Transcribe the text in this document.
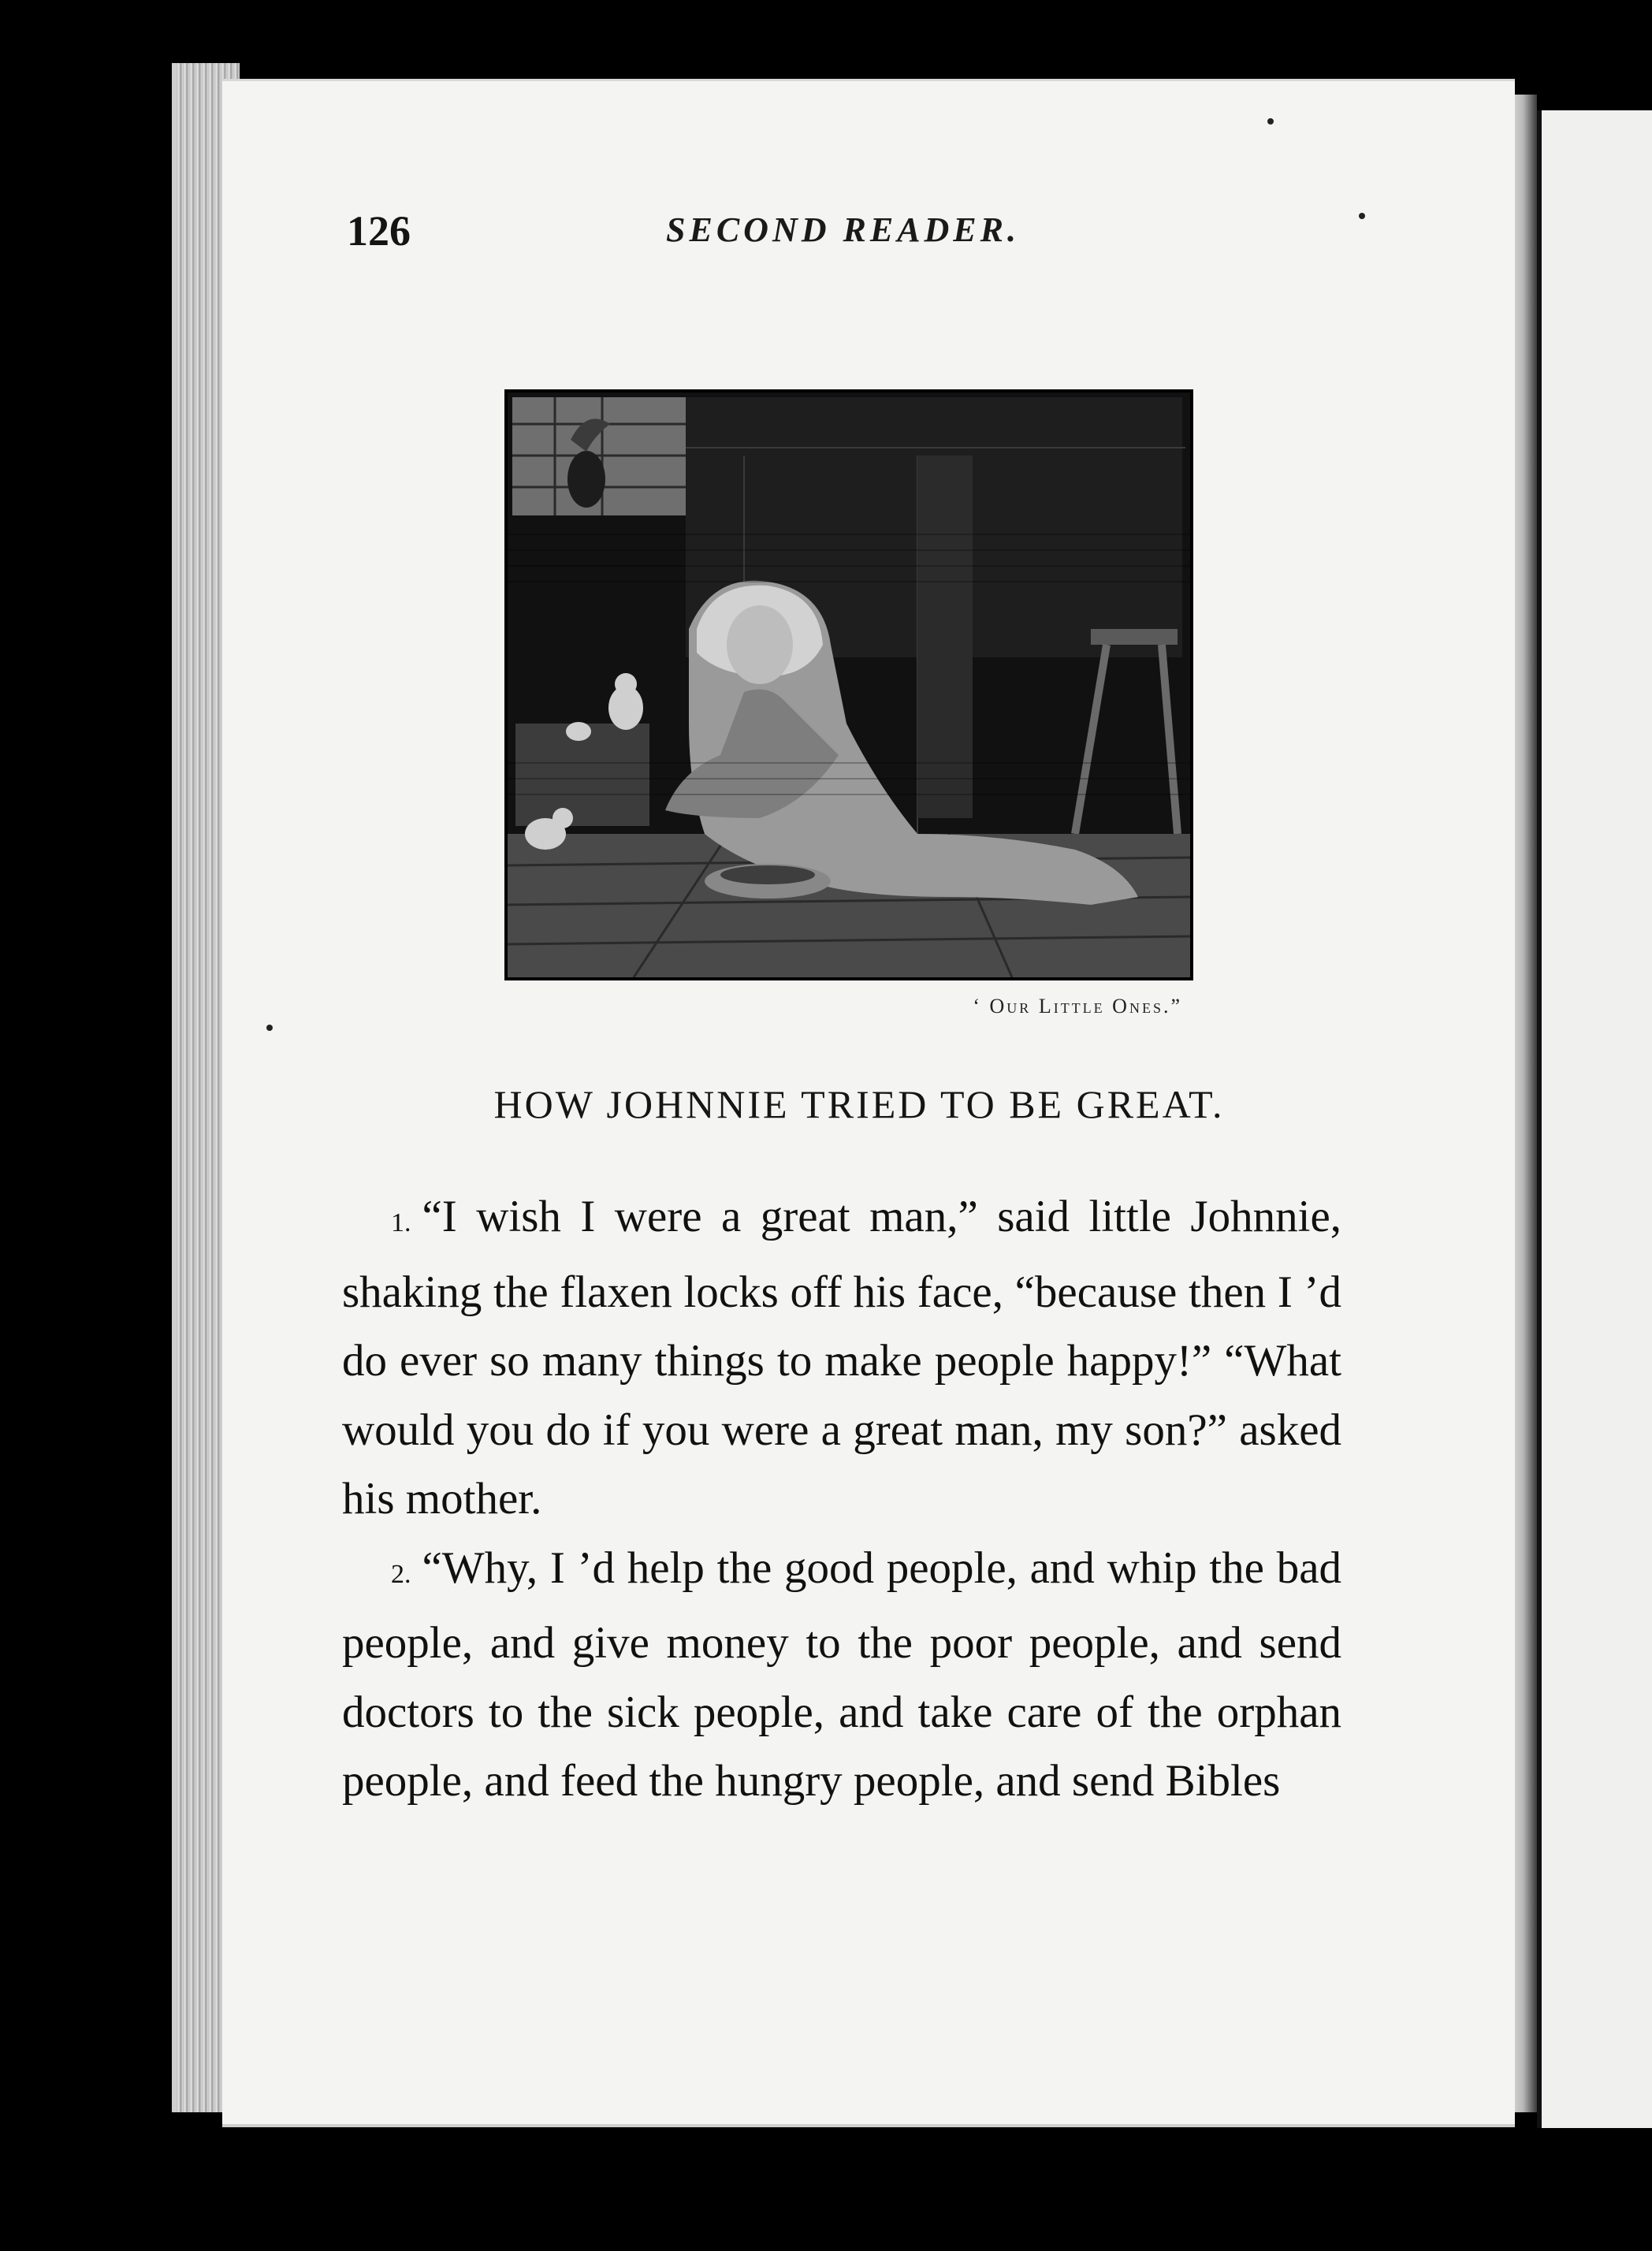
126	SECOND READER.
‘ Our Little Ones.”
HOW JOHNNIE TRIED TO BE GREAT.

1. “I wish I were a great man,” said little Johnnie, shaking the flaxen locks off his face, “because then I ’d do ever so many things to make people happy!” “What would you do if you were a great man, my son?” asked his mother.

2. “Why, I ’d help the good people, and whip the bad people, and give money to the poor people, and send doctors to the sick people, and take care of the orphan people, and feed the hungry people, and send Bibles
